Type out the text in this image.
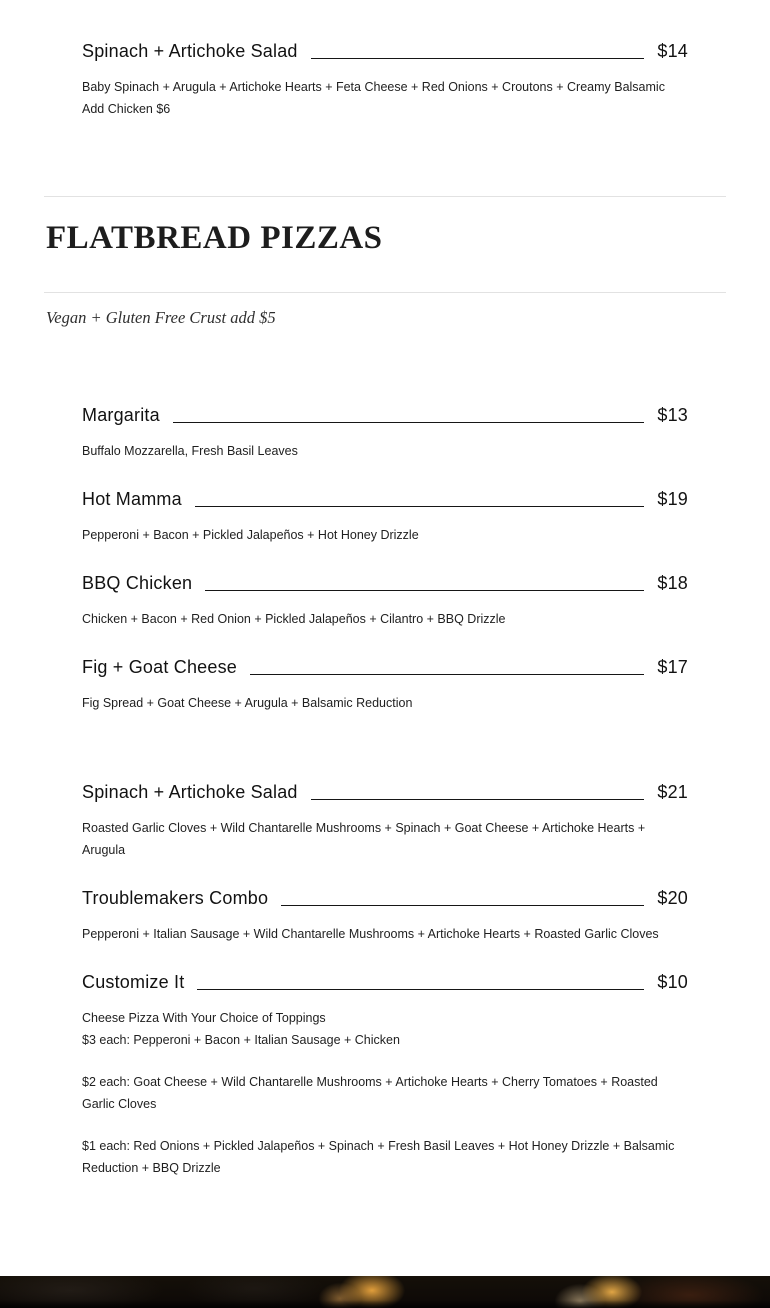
Spinach + Artichoke Salad	$14
Baby Spinach + Arugula + Artichoke Hearts + Feta Cheese + Red Onions + Croutons + Creamy Balsamic
Add Chicken $6
FLATBREAD PIZZAS

Vegan + Gluten Free Crust add $5

Margarita	$13
Buffalo Mozzarella, Fresh Basil Leaves
Hot Mamma	$19
Pepperoni + Bacon + Pickled Jalapeños + Hot Honey Drizzle
BBQ Chicken	$18
Chicken + Bacon + Red Onion + Pickled Jalapeños + Cilantro + BBQ Drizzle
Fig + Goat Cheese	$17
Fig Spread + Goat Cheese + Arugula + Balsamic Reduction
Spinach + Artichoke Salad	$21
Roasted Garlic Cloves + Wild Chantarelle Mushrooms + Spinach + Goat Cheese + Artichoke Hearts + Arugula
Troublemakers Combo	$20
Pepperoni + Italian Sausage + Wild Chantarelle Mushrooms + Artichoke Hearts + Roasted Garlic Cloves
Customize It	$10
Cheese Pizza With Your Choice of Toppings
$3 each: Pepperoni + Bacon + Italian Sausage + Chicken
$2 each: Goat Cheese + Wild Chantarelle Mushrooms + Artichoke Hearts + Cherry Tomatoes + Roasted Garlic Cloves
$1 each: Red Onions + Pickled Jalapeños + Spinach + Fresh Basil Leaves + Hot Honey Drizzle + Balsamic Reduction + BBQ Drizzle
